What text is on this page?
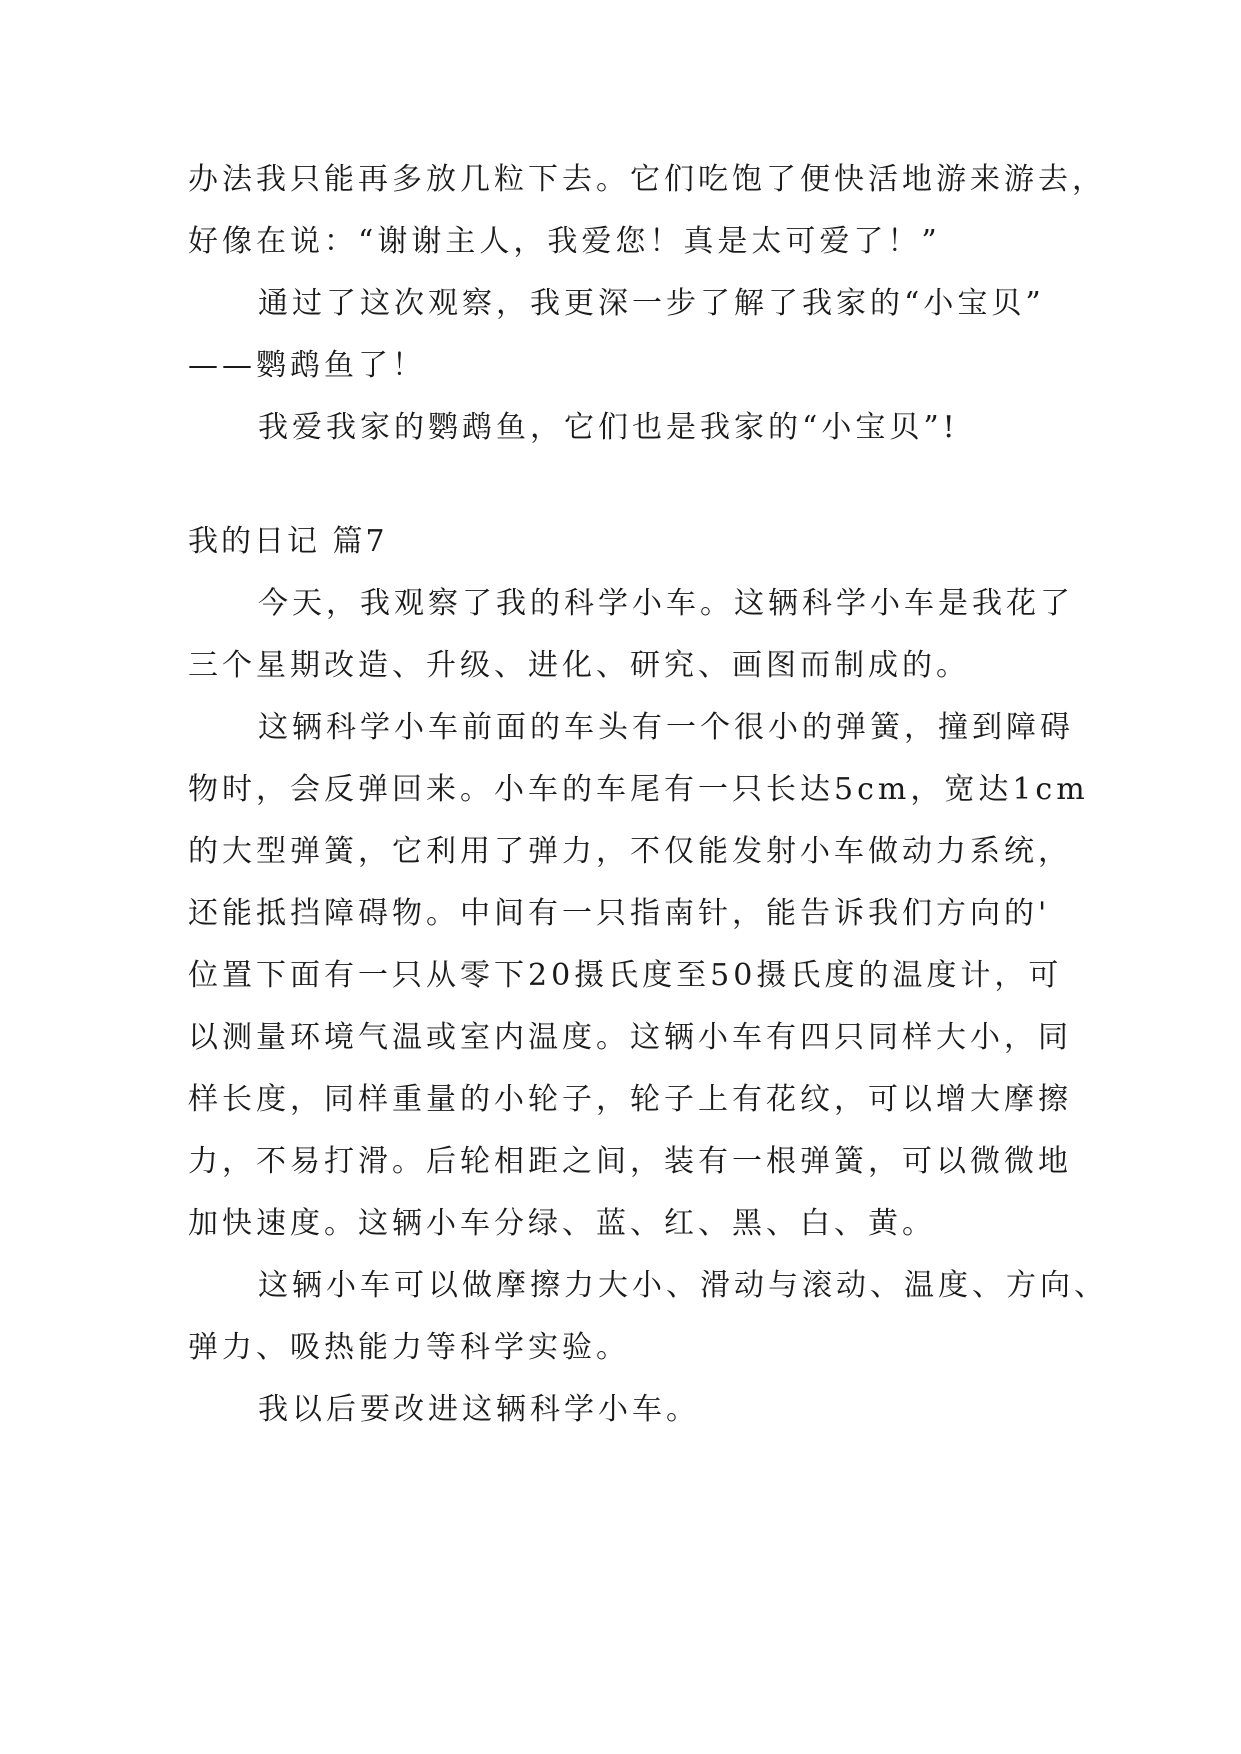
办法我只能再多放几粒下去。它们吃饱了便快活地游来游去，
好像在说：“谢谢主人，我爱您！真是太可爱了！”
通过了这次观察，我更深一步了解了我家的“小宝贝”
——鹦鹉鱼了！
我爱我家的鹦鹉鱼，它们也是我家的“小宝贝”!
我的日记 篇7
今天，我观察了我的科学小车。这辆科学小车是我花了
三个星期改造、升级、进化、研究、画图而制成的。
这辆科学小车前面的车头有一个很小的弹簧，撞到障碍
物时，会反弹回来。小车的车尾有一只长达5cm，宽达1cm
的大型弹簧，它利用了弹力，不仅能发射小车做动力系统，
还能抵挡障碍物。中间有一只指南针，能告诉我们方向的'
位置下面有一只从零下20摄氏度至50摄氏度的温度计，可
以测量环境气温或室内温度。这辆小车有四只同样大小，同
样长度，同样重量的小轮子，轮子上有花纹，可以增大摩擦
力，不易打滑。后轮相距之间，装有一根弹簧，可以微微地
加快速度。这辆小车分绿、蓝、红、黑、白、黄。
这辆小车可以做摩擦力大小、滑动与滚动、温度、方向、
弹力、吸热能力等科学实验。
我以后要改进这辆科学小车。
